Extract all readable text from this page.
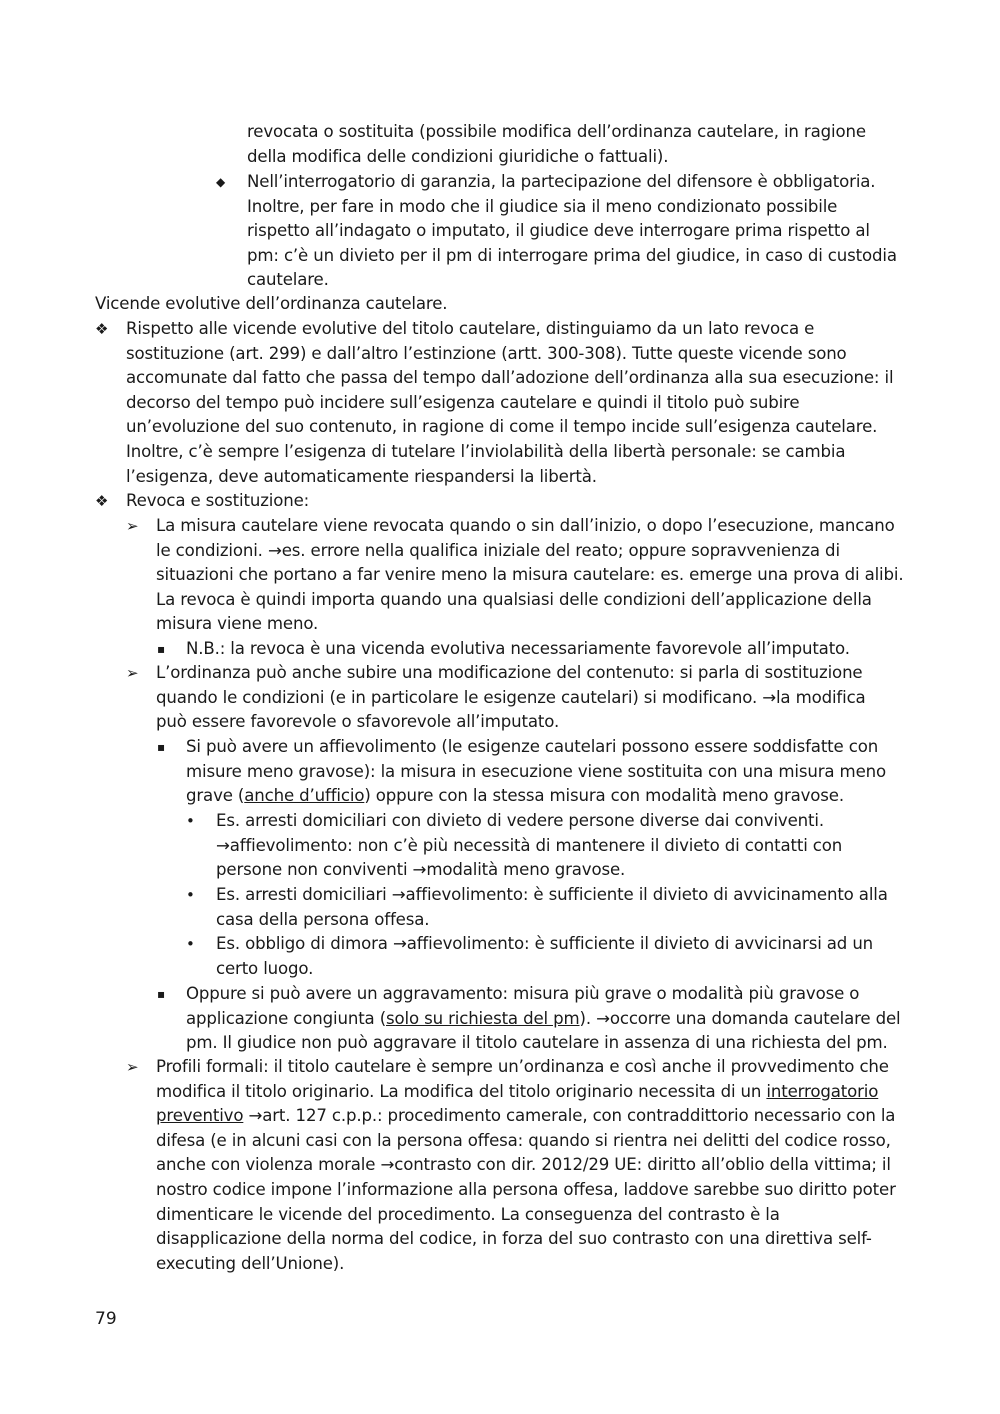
revocata o sostituita (possibile modifica dell’ordinanza cautelare, in ragione
della modifica delle condizioni giuridiche o fattuali).
◆ Nell’interrogatorio di garanzia, la partecipazione del difensore è obbligatoria.
Inoltre, per fare in modo che il giudice sia il meno condizionato possibile
rispetto all’indagato o imputato, il giudice deve interrogare prima rispetto al
pm: c’è un divieto per il pm di interrogare prima del giudice, in caso di custodia
cautelare.
Vicende evolutive dell’ordinanza cautelare.
❖ Rispetto alle vicende evolutive del titolo cautelare, distinguiamo da un lato revoca e
sostituzione (art. 299) e dall’altro l’estinzione (artt. 300-308). Tutte queste vicende sono
accomunate dal fatto che passa del tempo dall’adozione dell’ordinanza alla sua esecuzione: il
decorso del tempo può incidere sull’esigenza cautelare e quindi il titolo può subire
un’evoluzione del suo contenuto, in ragione di come il tempo incide sull’esigenza cautelare.
Inoltre, c’è sempre l’esigenza di tutelare l’inviolabilità della libertà personale: se cambia
l’esigenza, deve automaticamente riespandersi la libertà.
❖ Revoca e sostituzione:
➢ La misura cautelare viene revocata quando o sin dall’inizio, o dopo l’esecuzione, mancano
le condizioni. →es. errore nella qualifica iniziale del reato; oppure sopravvenienza di
situazioni che portano a far venire meno la misura cautelare: es. emerge una prova di alibi.
La revoca è quindi importa quando una qualsiasi delle condizioni dell’applicazione della
misura viene meno.
▪ N.B.: la revoca è una vicenda evolutiva necessariamente favorevole all’imputato.
➢ L’ordinanza può anche subire una modificazione del contenuto: si parla di sostituzione
quando le condizioni (e in particolare le esigenze cautelari) si modificano. →la modifica
può essere favorevole o sfavorevole all’imputato.
▪ Si può avere un affievolimento (le esigenze cautelari possono essere soddisfatte con
misure meno gravose): la misura in esecuzione viene sostituita con una misura meno
grave (anche d’ufficio) oppure con la stessa misura con modalità meno gravose.
• Es. arresti domiciliari con divieto di vedere persone diverse dai conviventi.
→affievolimento: non c’è più necessità di mantenere il divieto di contatti con
persone non conviventi →modalità meno gravose.
• Es. arresti domiciliari →affievolimento: è sufficiente il divieto di avvicinamento alla
casa della persona offesa.
• Es. obbligo di dimora →affievolimento: è sufficiente il divieto di avvicinarsi ad un
certo luogo.
▪ Oppure si può avere un aggravamento: misura più grave o modalità più gravose o
applicazione congiunta (solo su richiesta del pm). →occorre una domanda cautelare del
pm. Il giudice non può aggravare il titolo cautelare in assenza di una richiesta del pm.
➢ Profili formali: il titolo cautelare è sempre un’ordinanza e così anche il provvedimento che
modifica il titolo originario. La modifica del titolo originario necessita di un interrogatorio
preventivo →art. 127 c.p.p.: procedimento camerale, con contraddittorio necessario con la
difesa (e in alcuni casi con la persona offesa: quando si rientra nei delitti del codice rosso,
anche con violenza morale →contrasto con dir. 2012/29 UE: diritto all’oblio della vittima; il
nostro codice impone l’informazione alla persona offesa, laddove sarebbe suo diritto poter
dimenticare le vicende del procedimento. La conseguenza del contrasto è la
disapplicazione della norma del codice, in forza del suo contrasto con una direttiva self-
executing dell’Unione).
79
